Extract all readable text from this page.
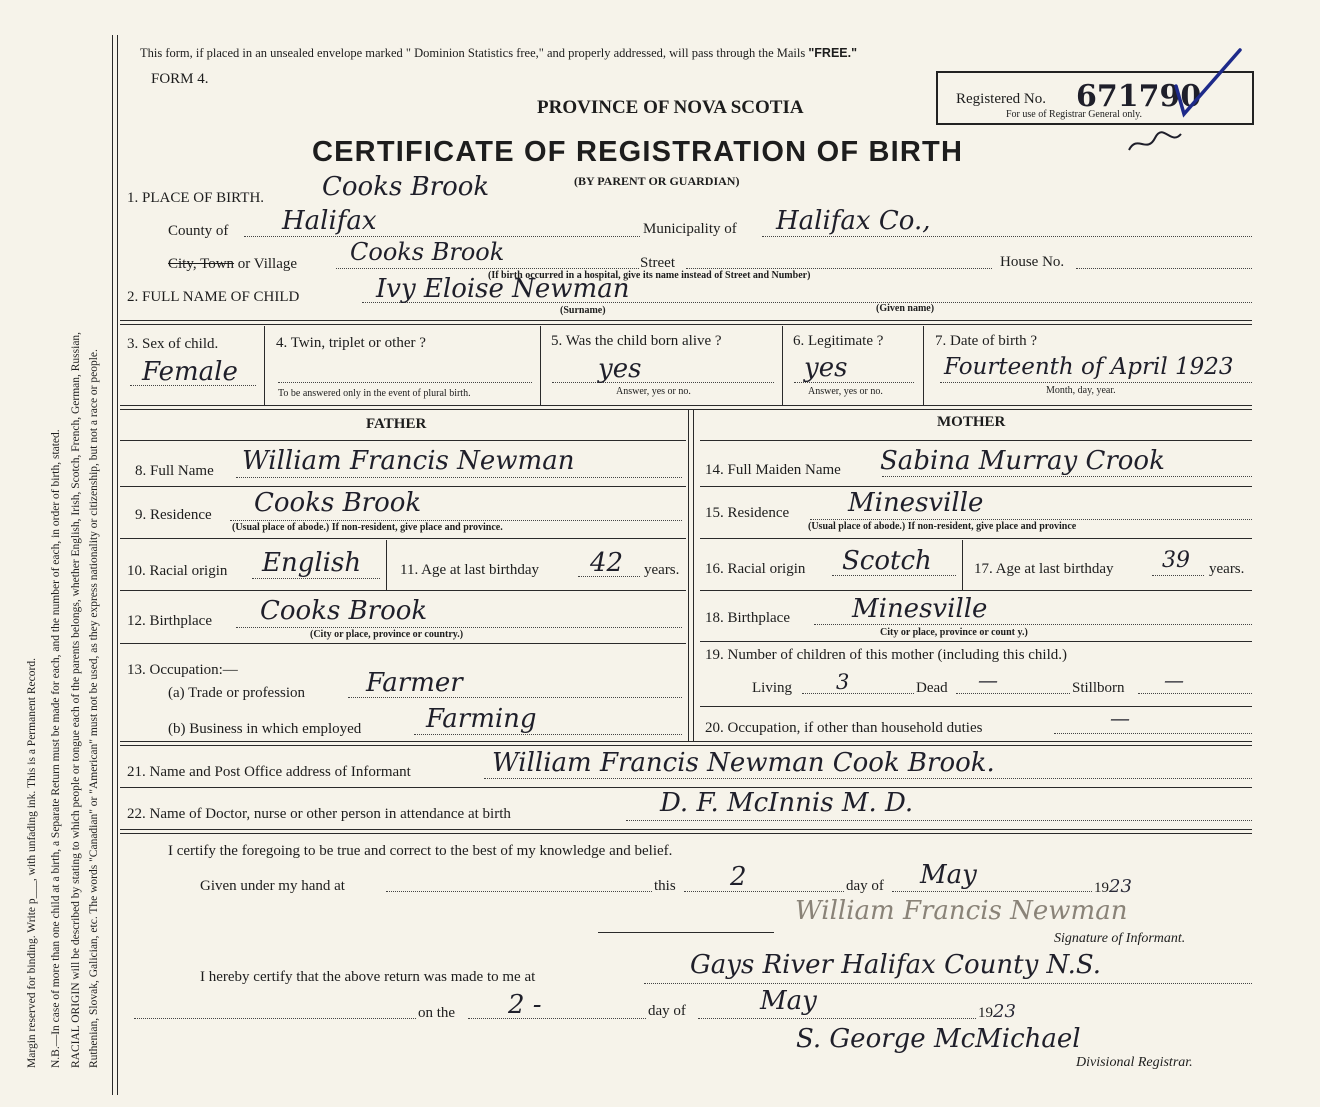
Margin reserved for binding. Write p___, with unfading ink. This is a Permanent Record. N.B.—In case of more than one child at a birth, a Separate Return must be made for each, and the number of each, in order of birth, stated. RACIAL ORIGIN will be described by stating to which people or tongue each of the parents belongs, whether English, Irish, Scotch, French, German, Russian, Ruthenian, Slovak, Galician, etc. The words "Canadian" or "American" must not be used, as they express nationality or citizenship, but not a race or people.
This form, if placed in an unsealed envelope marked " Dominion Statistics free," and properly addressed, will pass through the Mails "FREE."
FORM 4.
PROVINCE OF NOVA SCOTIA
CERTIFICATE OF REGISTRATION OF BIRTH
(BY PARENT OR GUARDIAN)
Registered No. 671790
For use of Registrar General only.
1. PLACE OF BIRTH. Cooks Brook
County of Halifax	Municipality of Halifax Co.,
City, Town or Village Cooks Brook	Street	House No.
(If birth occurred in a hospital, give its name instead of Street and Number)
2. FULL NAME OF CHILD	Ivy Eloise Newman
(Surname)	(Given name)
3. Sex of child.
Female
4. Twin, triplet or other ?
To be answered only in the event of plural birth.
5. Was the child born alive ?
yes
Answer, yes or no.
6. Legitimate ?
yes
Answer, yes or no.
7. Date of birth ?
Fourteenth of April 1923
Month, day, year.
FATHER	MOTHER
8. Full Name William Francis Newman
9. Residence Cooks Brook
(Usual place of abode.) If non-resident, give place and province.
10. Racial origin English	11. Age at last birthday 42 years.
12. Birthplace Cooks Brook
(City or place, province or country.)
13. Occupation:—
(a) Trade or profession Farmer
(b) Business in which employed Farming
14. Full Maiden Name Sabina Murray Crook
15. Residence Minesville
(Usual place of abode.) If non-resident, give place and province
16. Racial origin Scotch	17. Age at last birthday 39 years.
18. Birthplace Minesville
City or place, province or count y.)
19. Number of children of this mother (including this child.)
Living 3	Dead —	Stillborn —
20. Occupation, if other than household duties	—
21. Name and Post Office address of Informant	William Francis Newman Cook Brook.
22. Name of Doctor, nurse or other person in attendance at birth	D. F. McInnis M. D.
I certify the foregoing to be true and correct to the best of my knowledge and belief.
Given under my hand at	this 2	day of May	1923
William Francis Newman
Signature of Informant.
I hereby certify that the above return was made to me at	Gays River Halifax County N.S.
on the 2 -	day of	May	1923
S. George McMichael
Divisional Registrar.
